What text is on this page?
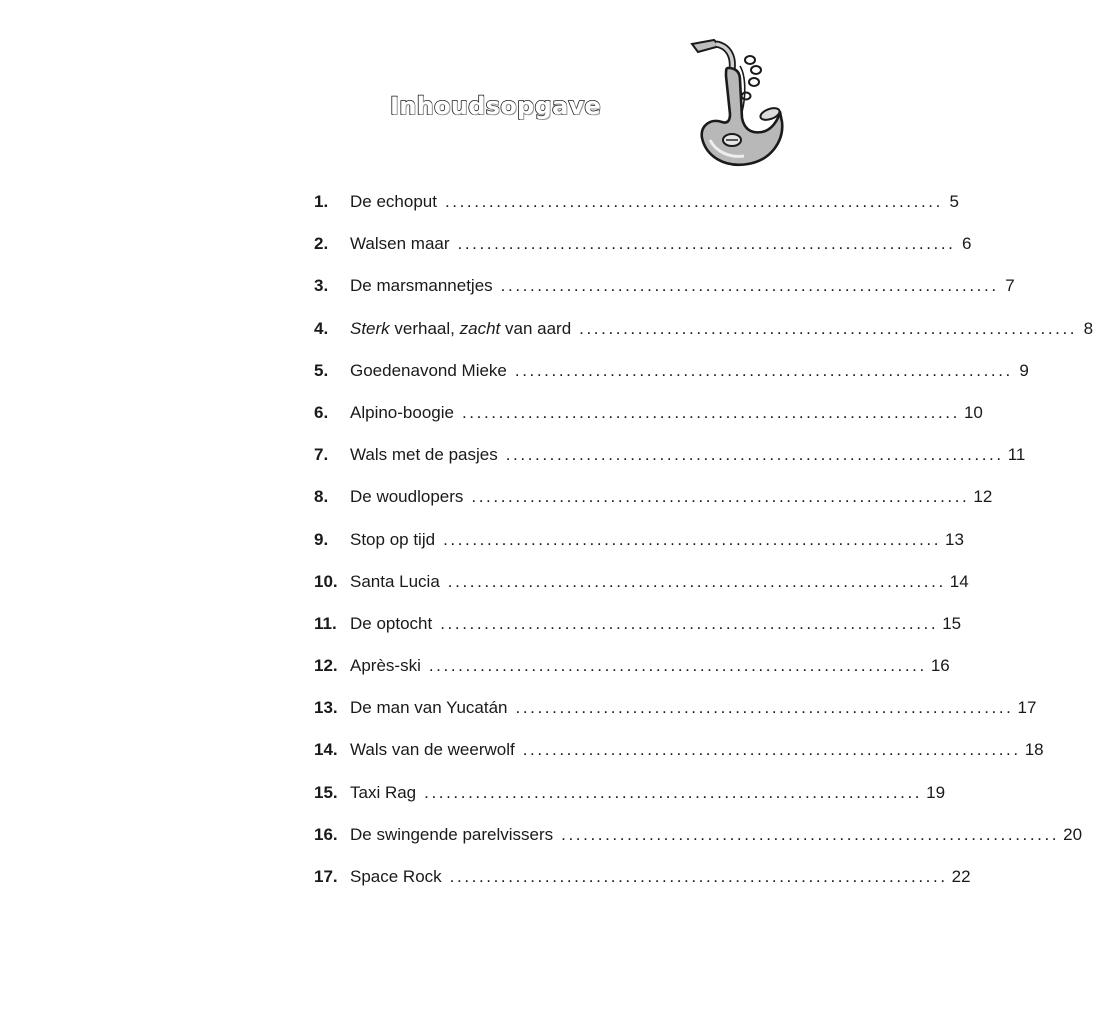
Inhoudsopgave
1.	De echoput .................................................................... 5
2.	Walsen maar .................................................................... 6
3.	De marsmannetjes .................................................................... 7
4.	Sterk verhaal, zacht van aard .................................................................... 8
5.	Goedenavond Mieke .................................................................... 9
6.	Alpino-boogie .................................................................... 10
7.	Wals met de pasjes .................................................................... 11
8.	De woudlopers .................................................................... 12
9.	Stop op tijd .................................................................... 13
10. Santa Lucia .................................................................... 14
11. De optocht .................................................................... 15
12. Après-ski .................................................................... 16
13. De man van Yucatán .................................................................... 17
14. Wals van de weerwolf .................................................................... 18
15. Taxi Rag .................................................................... 19
16. De swingende parelvissers .................................................................... 20
17. Space Rock .................................................................... 22
